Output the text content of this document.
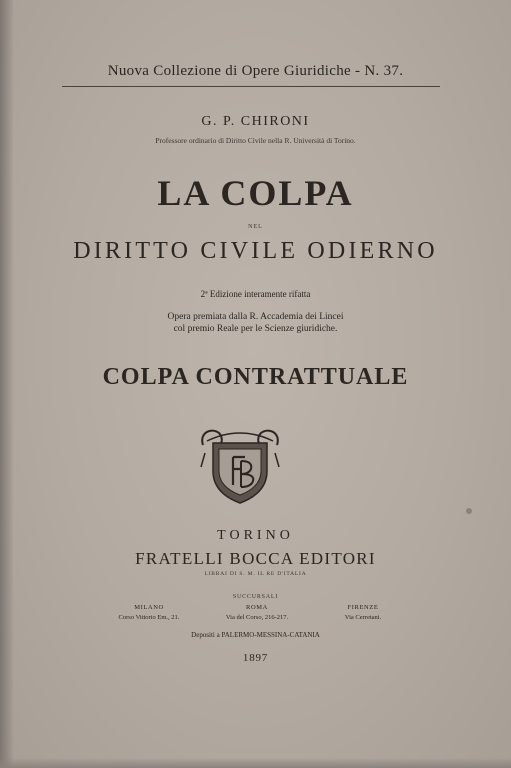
Nuova Collezione di Opere Giuridiche - N. 37.
G. P. CHIRONI
Professore ordinario di Diritto Civile nella R. Università di Torino.
LA COLPA
NEL
DIRITTO CIVILE ODIERNO
2ª Edizione interamente rifatta
Opera premiata dalla R. Accademia dei Lincei
col premio Reale per le Scienze giuridiche.
COLPA CONTRATTUALE
TORINO
FRATELLI BOCCA EDITORI
LIBRAI DI S. M. IL RE D'ITALIA
SUCCURSALI
MILANO
Corso Vittorio Em., 21.
ROMA
Via del Corso, 216-217.
FIRENZE
Via Cerretani.
Depositi a PALERMO-MESSINA-CATANIA
1897
